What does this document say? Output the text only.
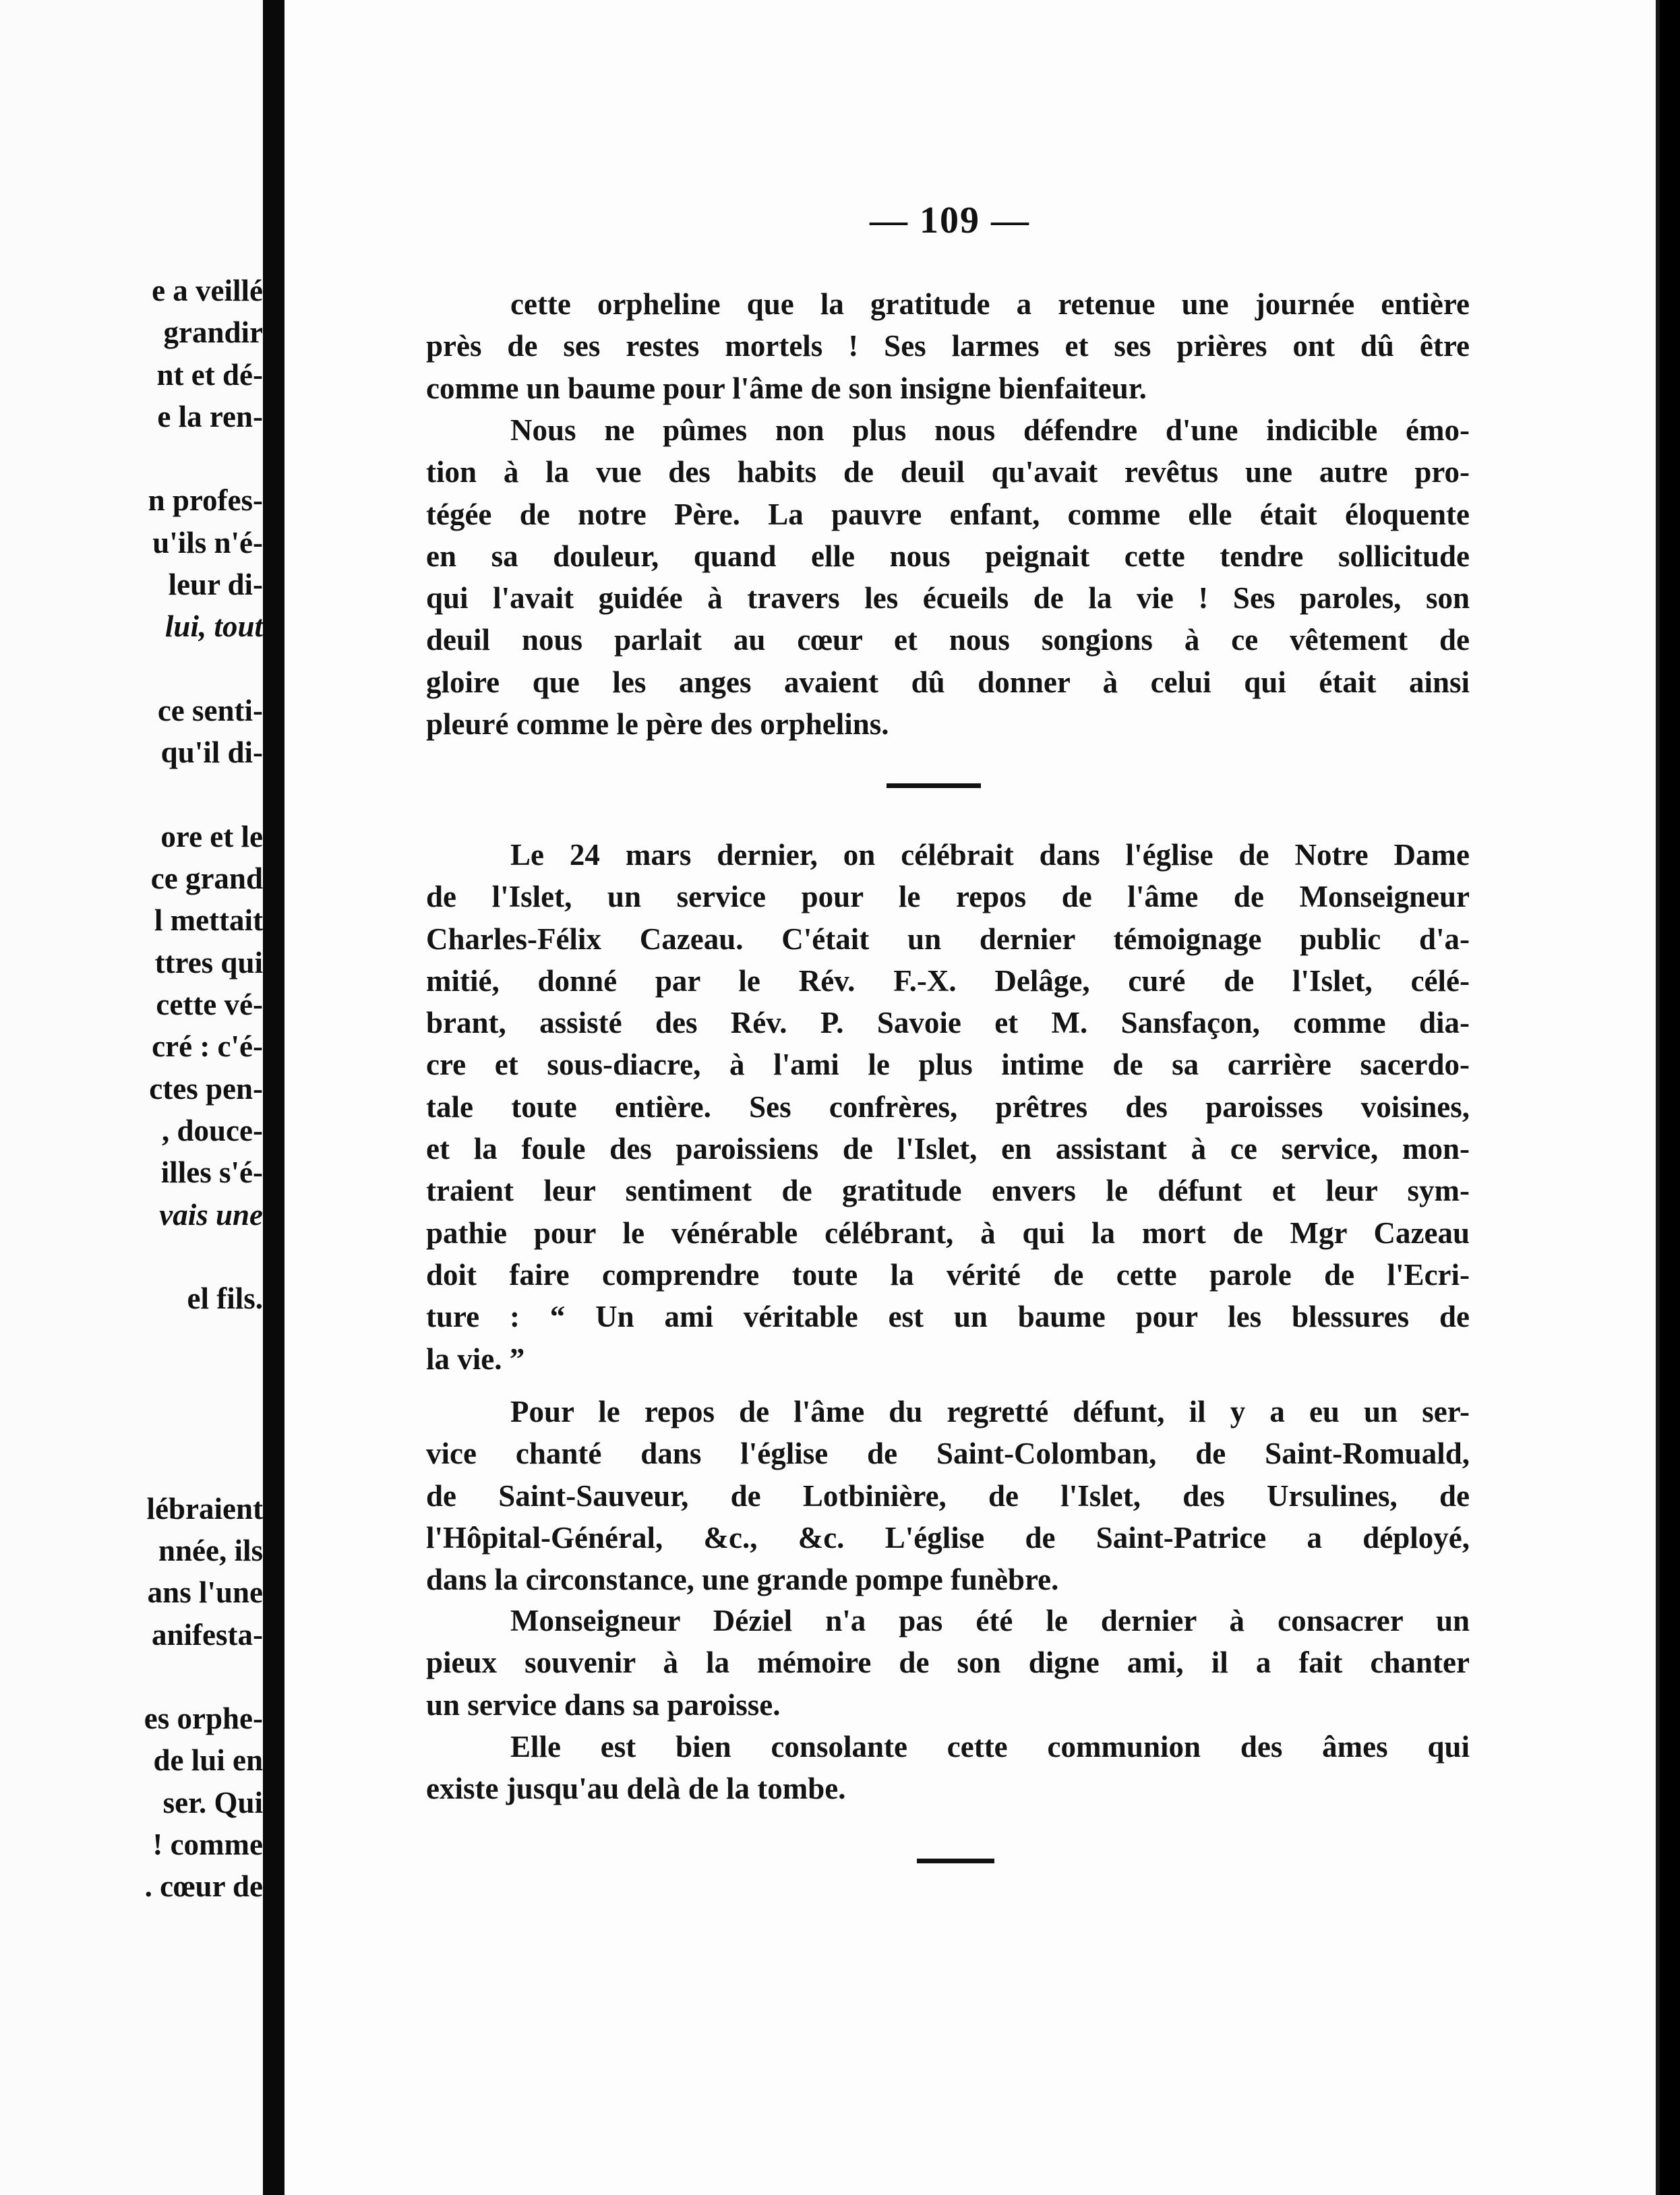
e a veillé
grandir
nt et dé-
e la ren-
n profes-
u'ils n'é-
leur di-
lui, tout
ce senti-
qu'il di-
ore et le
ce grand
l mettait
ttres qui
cette vé-
cré : c'é-
ctes pen-
, douce-
illes s'é-
vais une
el fils.
lébraient
nnée, ils
ans l'une
anifesta-
es orphe-
de lui en
ser. Qui
! comme
. cœur de
— 109 —
cette orpheline que la gratitude a retenue une journée entière
près de ses restes mortels ! Ses larmes et ses prières ont dû être
comme un baume pour l'âme de son insigne bienfaiteur.
Nous ne pûmes non plus nous défendre d'une indicible émo-
tion à la vue des habits de deuil qu'avait revêtus une autre pro-
tégée de notre Père. La pauvre enfant, comme elle était éloquente
en sa douleur, quand elle nous peignait cette tendre sollicitude
qui l'avait guidée à travers les écueils de la vie ! Ses paroles, son
deuil nous parlait au cœur et nous songions à ce vêtement de
gloire que les anges avaient dû donner à celui qui était ainsi
pleuré comme le père des orphelins.
Le 24 mars dernier, on célébrait dans l'église de Notre Dame
de l'Islet, un service pour le repos de l'âme de Monseigneur
Charles-Félix Cazeau. C'était un dernier témoignage public d'a-
mitié, donné par le Rév. F.-X. Delâge, curé de l'Islet, célé-
brant, assisté des Rév. P. Savoie et M. Sansfaçon, comme dia-
cre et sous-diacre, à l'ami le plus intime de sa carrière sacerdo-
tale toute entière. Ses confrères, prêtres des paroisses voisines,
et la foule des paroissiens de l'Islet, en assistant à ce service, mon-
traient leur sentiment de gratitude envers le défunt et leur sym-
pathie pour le vénérable célébrant, à qui la mort de Mgr Cazeau
doit faire comprendre toute la vérité de cette parole de l'Ecri-
ture : “ Un ami véritable est un baume pour les blessures de
la vie. ”
Pour le repos de l'âme du regretté défunt, il y a eu un ser-
vice chanté dans l'église de Saint-Colomban, de Saint-Romuald,
de Saint-Sauveur, de Lotbinière, de l'Islet, des Ursulines, de
l'Hôpital-Général, &c., &c. L'église de Saint-Patrice a déployé,
dans la circonstance, une grande pompe funèbre.
Monseigneur Déziel n'a pas été le dernier à consacrer un
pieux souvenir à la mémoire de son digne ami, il a fait chanter
un service dans sa paroisse.
Elle est bien consolante cette communion des âmes qui
existe jusqu'au delà de la tombe.
